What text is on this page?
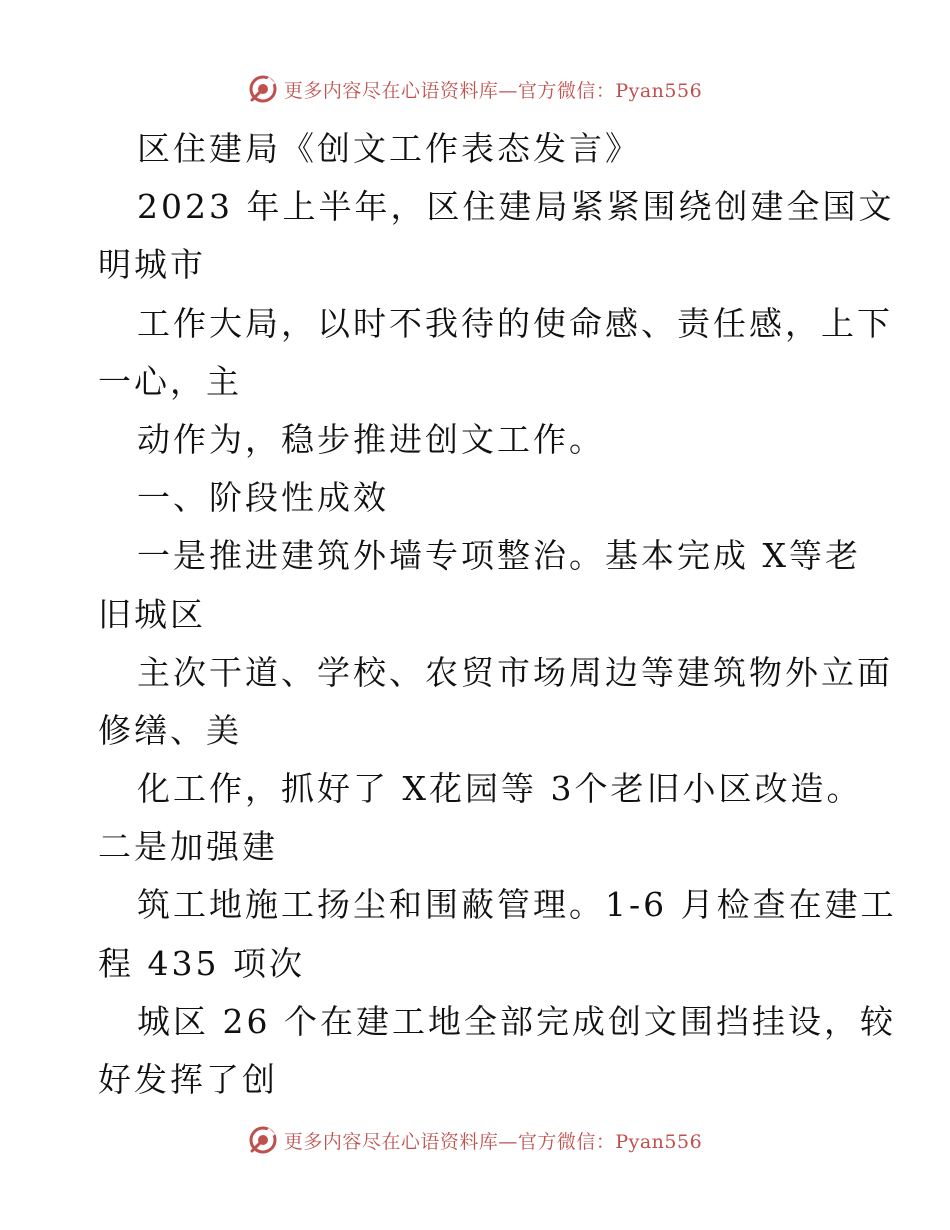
更多内容尽在心语资料库—官方微信：Pyan556
区住建局《创文工作表态发言》
2023 年上半年，区住建局紧紧围绕创建全国文
明城市
工作大局，以时不我待的使命感、责任感，上下
一心，主
动作为，稳步推进创文工作。
一、阶段性成效
一是推进建筑外墙专项整治。基本完成 X等老
旧城区
主次干道、学校、农贸市场周边等建筑物外立面
修缮、美
化工作，抓好了 X花园等 3个老旧小区改造。
二是加强建
筑工地施工扬尘和围蔽管理。1-6 月检查在建工
程 435 项次
城区 26 个在建工地全部完成创文围挡挂设，较
好发挥了创
更多内容尽在心语资料库—官方微信：Pyan556
